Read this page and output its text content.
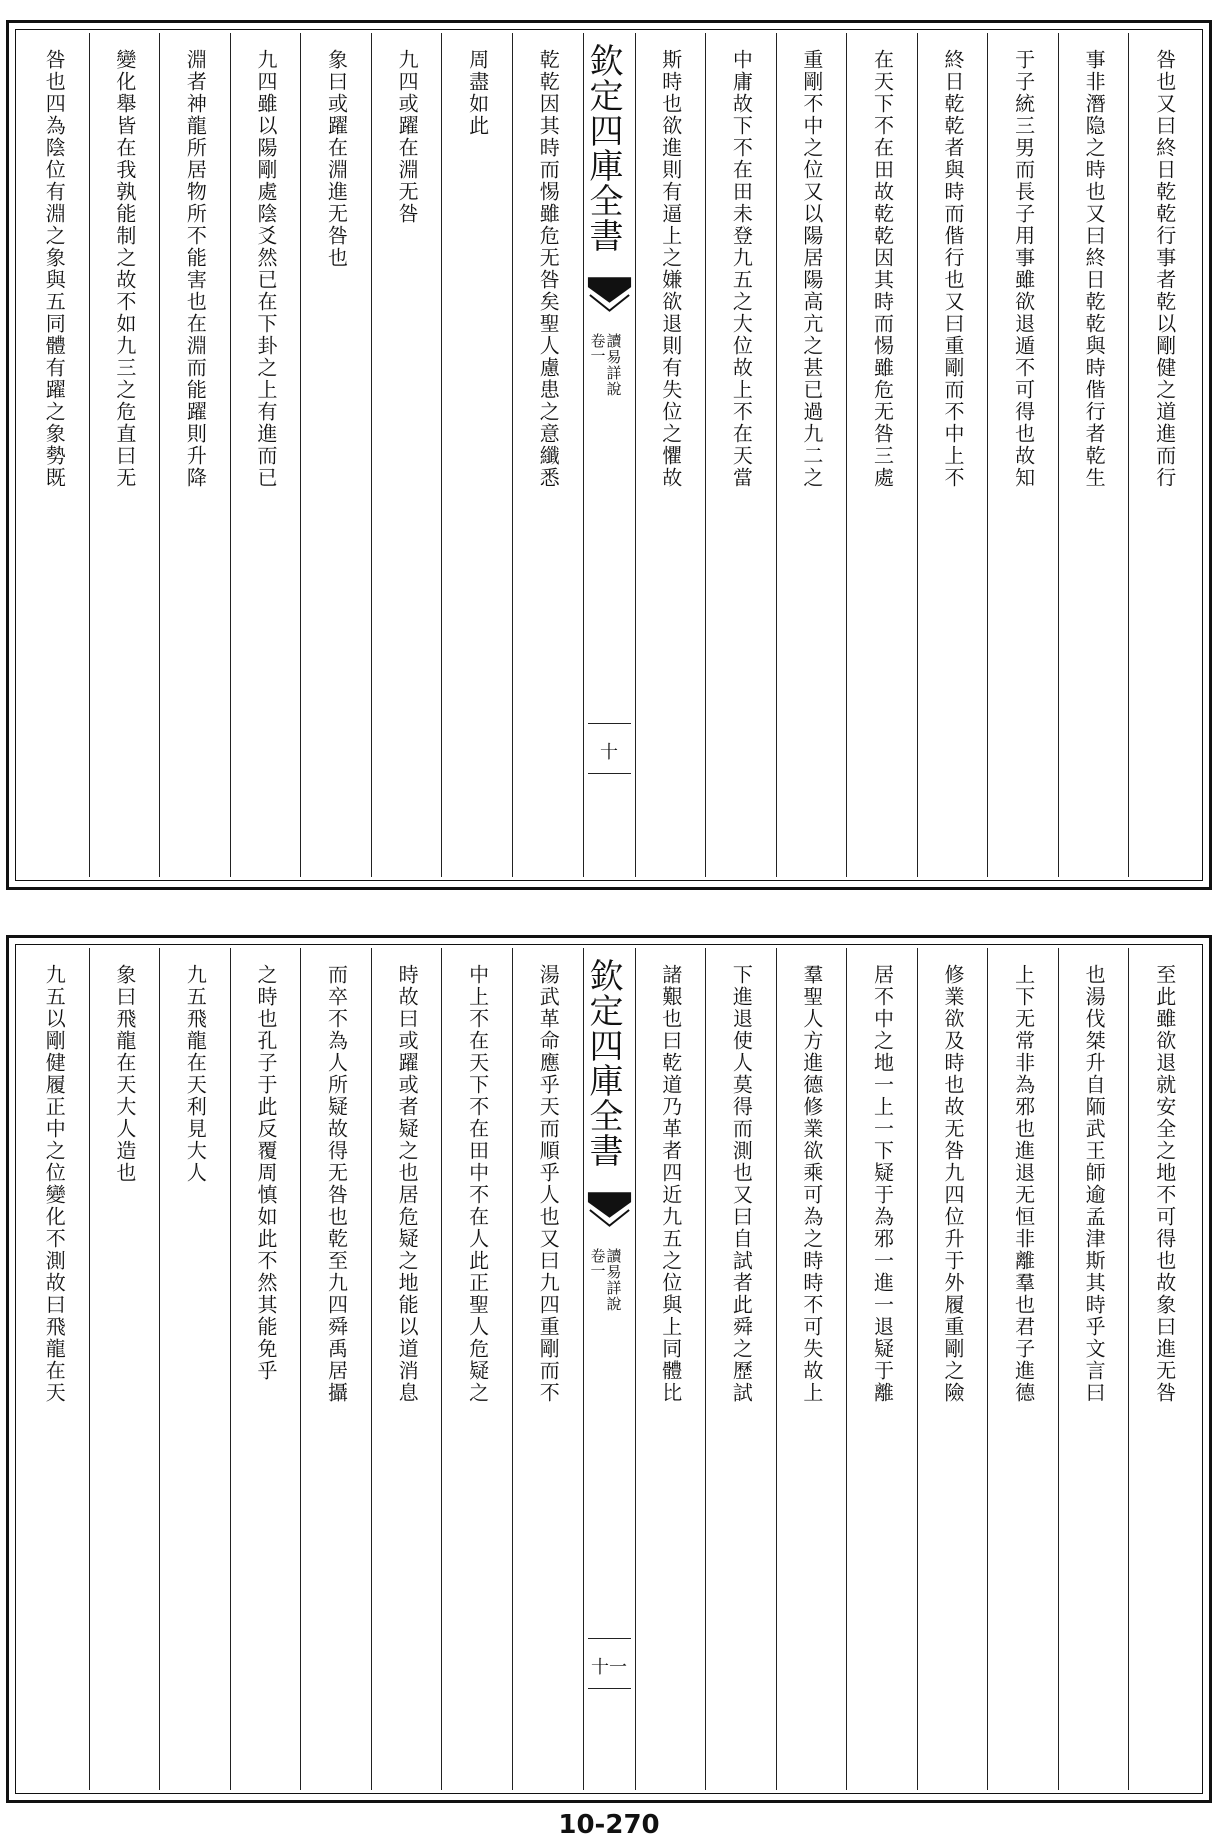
咎也又曰終日乾乾行事者乾以剛健之道進而行
事非潛隐之時也又曰終日乾乾與時偕行者乾生
于子統三男而長子用事雖欲退遁不可得也故知
終日乾乾者與時而偕行也又曰重剛而不中上不
在天下不在田故乾乾因其時而惕雖危无咎三處
重剛不中之位又以陽居陽高亢之甚已過九二之
中庸故下不在田未登九五之大位故上不在天當
斯時也欲進則有逼上之嫌欲退則有失位之懼故
欽定四庫全書
讀易詳說
卷一
十
乾乾因其時而惕雖危无咎矣聖人慮患之意纖悉
周盡如此
九四或躍在淵无咎
象曰或躍在淵進无咎也
九四雖以陽剛處陰爻然已在下卦之上有進而已
淵者神龍所居物所不能害也在淵而能躍則升降
變化舉皆在我孰能制之故不如九三之危直曰无
咎也四為陰位有淵之象與五同體有躍之象勢既
至此雖欲退就安全之地不可得也故象曰進无咎
也湯伐桀升自陑武王師逾孟津斯其時乎文言曰
上下无常非為邪也進退无恒非離羣也君子進德
修業欲及時也故无咎九四位升于外履重剛之險
居不中之地一上一下疑于為邪一進一退疑于離
羣聖人方進德修業欲乘可為之時時不可失故上
下進退使人莫得而測也又曰自試者此舜之歷試
諸艱也曰乾道乃革者四近九五之位與上同體比
欽定四庫全書
讀易詳說
卷一
十一
湯武革命應乎天而順乎人也又曰九四重剛而不
中上不在天下不在田中不在人此正聖人危疑之
時故曰或躍或者疑之也居危疑之地能以道消息
而卒不為人所疑故得无咎也乾至九四舜禹居攝
之時也孔子于此反覆周慎如此不然其能免乎
九五飛龍在天利見大人
象曰飛龍在天大人造也
九五以剛健履正中之位變化不測故曰飛龍在天
10-270
